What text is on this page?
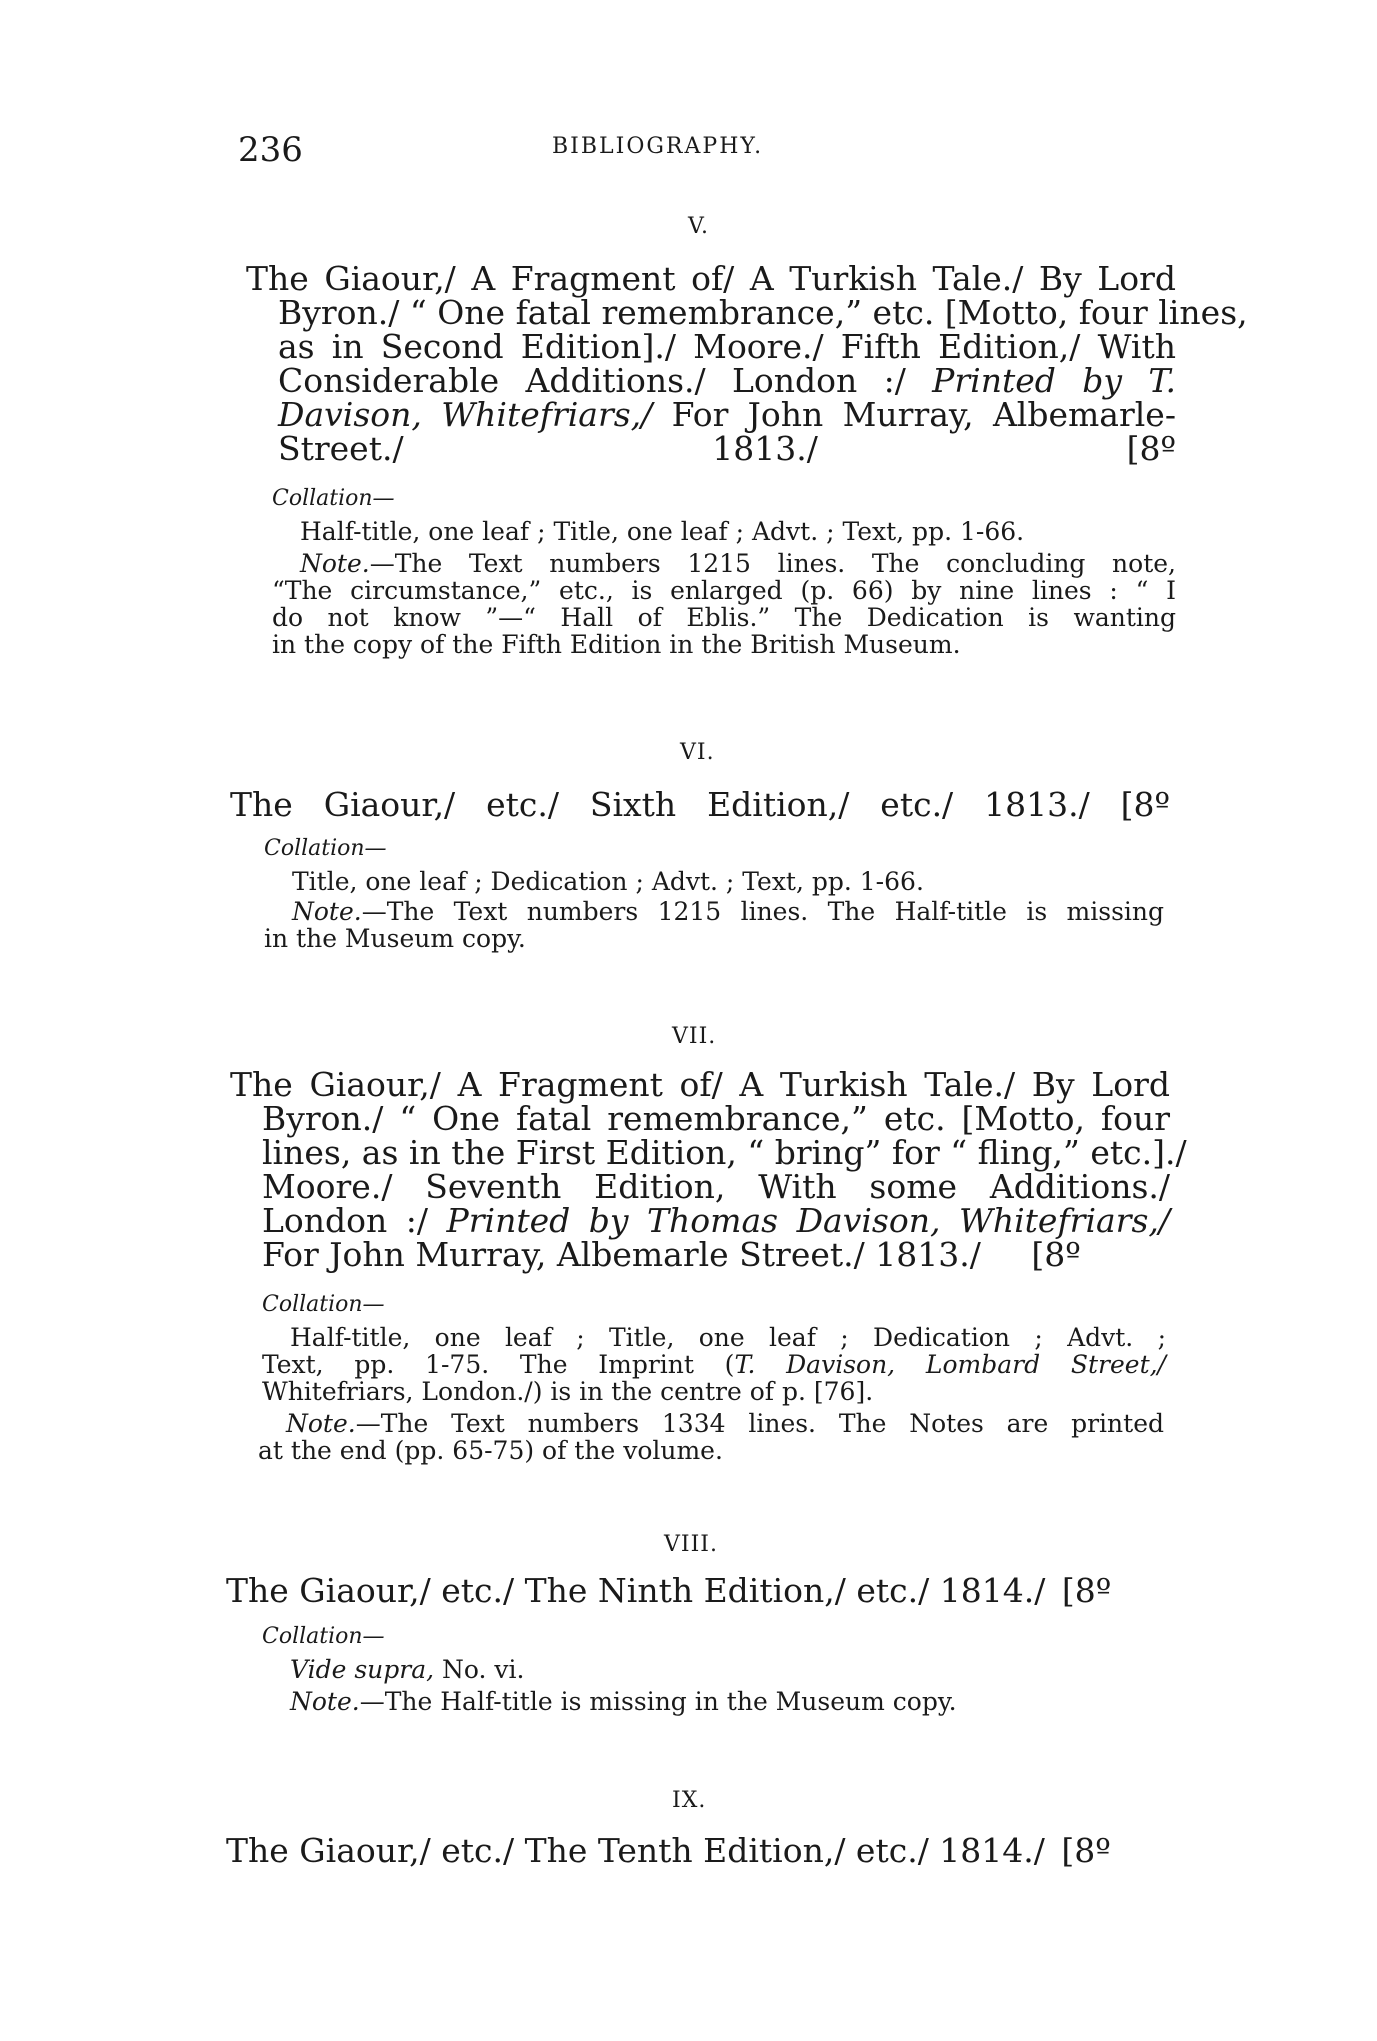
236	BIBLIOGRAPHY.
V.
The Giaour,/ A Fragment of/ A Turkish Tale./ By Lord
Byron./ “ One fatal remembrance,” etc. [Motto, four lines,
as in Second Edition]./ Moore./ Fifth Edition,/ With
Considerable Additions./ London :/ Printed by T.
Davison, Whitefriars,/ For John Murray, Albemarle-
Street./ 1813./	[8º
Collation—
Half-title, one leaf ; Title, one leaf ; Advt. ; Text, pp. 1-66.
Note.—The Text numbers 1215 lines. The concluding note,
“The circumstance,” etc., is enlarged (p. 66) by nine lines : “ I
do not know ”—“ Hall of Eblis.” The Dedication is wanting
in the copy of the Fifth Edition in the British Museum.
VI.
The Giaour,/ etc./ Sixth Edition,/ etc./ 1813./ [8º
Collation—
Title, one leaf ; Dedication ; Advt. ; Text, pp. 1-66.
Note.—The Text numbers 1215 lines. The Half-title is missing
in the Museum copy.
VII.
The Giaour,/ A Fragment of/ A Turkish Tale./ By Lord
Byron./ “ One fatal remembrance,” etc. [Motto, four
lines, as in the First Edition, “ bring” for “ fling,” etc.]./
Moore./ Seventh Edition, With some Additions./
London :/ Printed by Thomas Davison, Whitefriars,/
For John Murray, Albemarle Street./ 1813./ [8º
Collation—
Half-title, one leaf ; Title, one leaf ; Dedication ; Advt. ;
Text, pp. 1-75. The Imprint (T. Davison, Lombard Street,/
Whitefriars, London./) is in the centre of p. [76].
Note.—The Text numbers 1334 lines. The Notes are printed
at the end (pp. 65-75) of the volume.
VIII.
The Giaour,/ etc./ The Ninth Edition,/ etc./ 1814./ [8º
Collation—
Vide supra, No. vi.
Note.—The Half-title is missing in the Museum copy.
IX.
The Giaour,/ etc./ The Tenth Edition,/ etc./ 1814./ [8º
